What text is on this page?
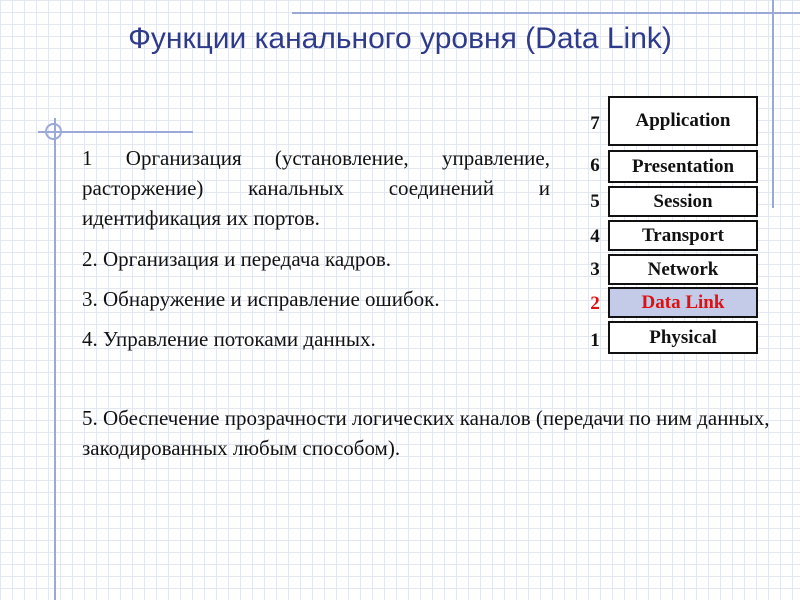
Функции канального уровня (Data Link)
1 Организация (установление, управление, расторжение) канальных соединений и идентификация их портов.
2. Организация и передача кадров.
3. Обнаружение и исправление ошибок.
4. Управление потоками данных.
5. Обеспечение прозрачности логических каналов (передачи по ним данных, закодированных любым способом).
7 Application
6 Presentation
5	Session
4 Transport
3	Network
2 Data Link
1	Physical
